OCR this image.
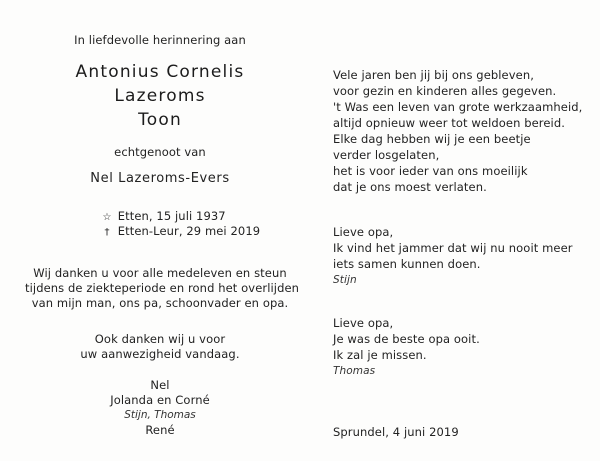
In liefdevolle herinnering aan
Antonius Cornelis
Lazeroms
Toon
echtgenoot van
Nel Lazeroms-Evers
☆ Etten, 15 juli 1937
† Etten-Leur, 29 mei 2019
Wij danken u voor alle medeleven en steun
tijdens de ziekteperiode en rond het overlijden
van mijn man, ons pa, schoonvader en opa.
Ook danken wij u voor
uw aanwezigheid vandaag.
Nel
Jolanda en Corné
Stijn, Thomas
René
Vele jaren ben jij bij ons gebleven,
voor gezin en kinderen alles gegeven.
't Was een leven van grote werkzaamheid,
altijd opnieuw weer tot weldoen bereid.
Elke dag hebben wij je een beetje
verder losgelaten,
het is voor ieder van ons moeilijk
dat je ons moest verlaten.
Lieve opa,
Ik vind het jammer dat wij nu nooit meer
iets samen kunnen doen.
Stijn
Lieve opa,
Je was de beste opa ooit.
Ik zal je missen.
Thomas
Sprundel, 4 juni 2019
